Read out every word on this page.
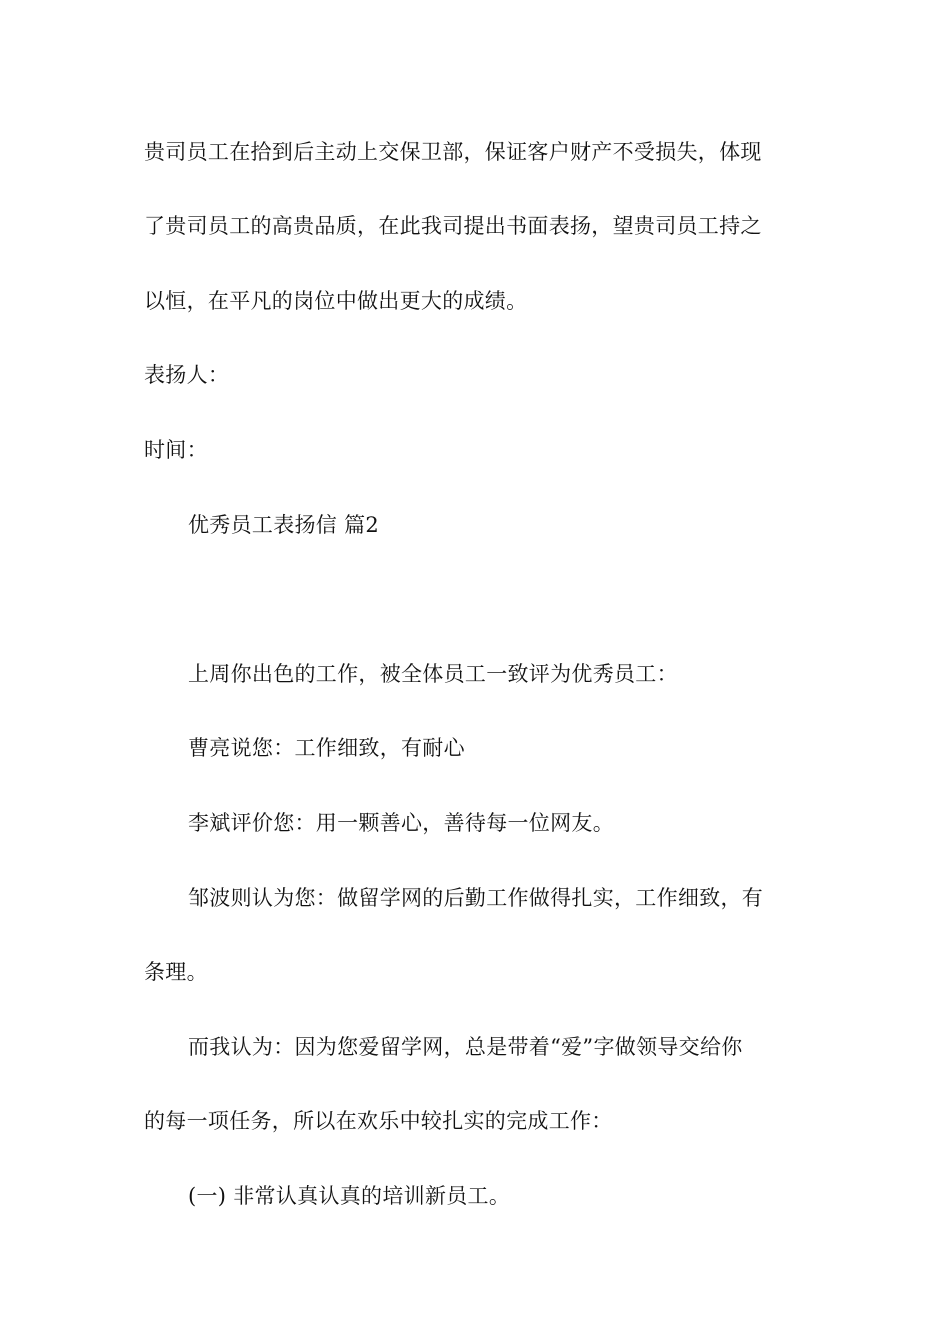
贵司员工在拾到后主动上交保卫部，保证客户财产不受损失，体现
了贵司员工的高贵品质，在此我司提出书面表扬，望贵司员工持之
以恒，在平凡的岗位中做出更大的成绩。
表扬人：
时间：
优秀员工表扬信 篇2
上周你出色的工作，被全体员工一致评为优秀员工：
曹亮说您：工作细致，有耐心
李斌评价您：用一颗善心，善待每一位网友。
邹波则认为您：做留学网的后勤工作做得扎实，工作细致，有
条理。
而我认为：因为您爱留学网，总是带着“爱”字做领导交给你
的每一项任务，所以在欢乐中较扎实的完成工作：
(一) 非常认真认真的培训新员工。
